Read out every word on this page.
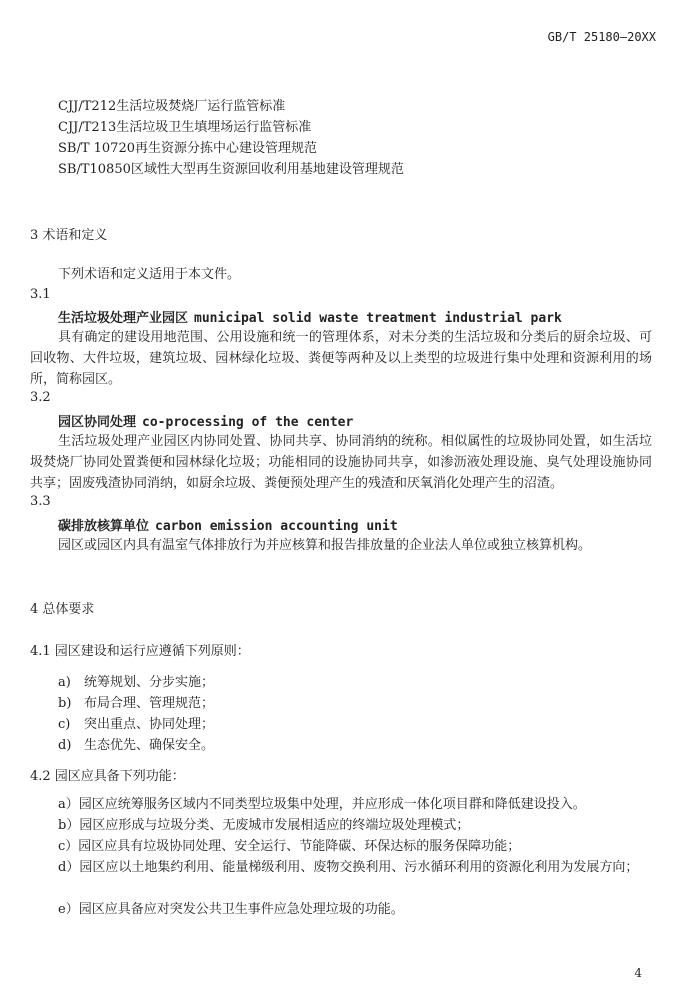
GB/T 25180—20XX
CJJ/T212生活垃圾焚烧厂运行监管标准
CJJ/T213生活垃圾卫生填埋场运行监管标准
SB/T 10720再生资源分拣中心建设管理规范
SB/T10850区域性大型再生资源回收利用基地建设管理规范
3 术语和定义
下列术语和定义适用于本文件。
3.1
生活垃圾处理产业园区 municipal solid waste treatment industrial park
具有确定的建设用地范围、公用设施和统一的管理体系，对未分类的生活垃圾和分类后的厨余垃圾、可回收物、大件垃圾，建筑垃圾、园林绿化垃圾、粪便等两种及以上类型的垃圾进行集中处理和资源利用的场所，简称园区。
3.2
园区协同处理 co-processing of the center
生活垃圾处理产业园区内协同处置、协同共享、协同消纳的统称。相似属性的垃圾协同处置，如生活垃圾焚烧厂协同处置粪便和园林绿化垃圾；功能相同的设施协同共享，如渗沥液处理设施、臭气处理设施协同共享；固废残渣协同消纳，如厨余垃圾、粪便预处理产生的残渣和厌氧消化处理产生的沼渣。
3.3
碳排放核算单位 carbon emission accounting unit
园区或园区内具有温室气体排放行为并应核算和报告排放量的企业法人单位或独立核算机构。
4 总体要求
4.1 园区建设和运行应遵循下列原则：
a) 统筹规划、分步实施；
b) 布局合理、管理规范；
c) 突出重点、协同处理；
d) 生态优先、确保安全。
4.2 园区应具备下列功能：
a）园区应统筹服务区域内不同类型垃圾集中处理，并应形成一体化项目群和降低建设投入。
b）园区应形成与垃圾分类、无废城市发展相适应的终端垃圾处理模式；
c）园区应具有垃圾协同处理、安全运行、节能降碳、环保达标的服务保障功能；
d）园区应以土地集约利用、能量梯级利用、废物交换利用、污水循环利用的资源化利用为发展方向；
e）园区应具备应对突发公共卫生事件应急处理垃圾的功能。
4
